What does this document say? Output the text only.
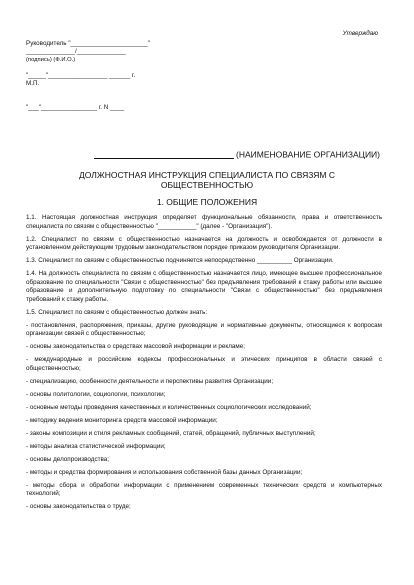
Утверждаю
Руководитель "______________________"
______________/______________
(подпись) (Ф.И.О.)
"_____"_________________ ______ г.
М.П.
"___"________________ г. N ____
(НАИМЕНОВАНИЕ ОРГАНИЗАЦИИ)
ДОЛЖНОСТНАЯ ИНСТРУКЦИЯ СПЕЦИАЛИСТА ПО СВЯЗЯМ С ОБЩЕСТВЕННОСТЬЮ
1. ОБЩИЕ ПОЛОЖЕНИЯ
1.1. Настоящая должностная инструкция определяет функциональные обязанности, права и ответственность специалиста по связям с общественностью "___________" (далее - "Организация").
1.2. Специалист по связям с общественностью назначается на должность и освобождается от должности в установленном действующим трудовым законодательством порядке приказом руководителя Организации.
1.3. Специалист по связям с общественностью подчиняется непосредственно __________ Организации.
1.4. На должность специалиста по связям с общественностью назначается лицо, имеющее высшее профессиональное образование по специальности "Связи с общественностью" без предъявления требований к стажу работы или высшее образование и дополнительную подготовку по специальности "Связи с общественностью" без предъявления требований к стажу работы.
1.5. Специалист по связям с общественностью должен знать:
- постановления, распоряжения, приказы, другие руководящие и нормативные документы, относящиеся к вопросам организации связей с общественностью;
- основы законодательства о средствах массовой информации и рекламе;
- международные и российские кодексы профессиональных и этических принципов в области связей с общественностью;
- специализацию, особенности деятельности и перспективы развития Организации;
- основы политологии, социологии, психологии;
- основные методы проведения качественных и количественных социологических исследований;
- методику ведения мониторинга средств массовой информации;
- законы композиции и стиля рекламных сообщений, статей, обращений, публичных выступлений;
- методы анализа статистической информации;
- основы делопроизводства;
- методы и средства формирования и использования собственной базы данных Организации;
- методы сбора и обработки информации с применением современных технических средств и компьютерных технологий;
- основы законодательства о труде;
